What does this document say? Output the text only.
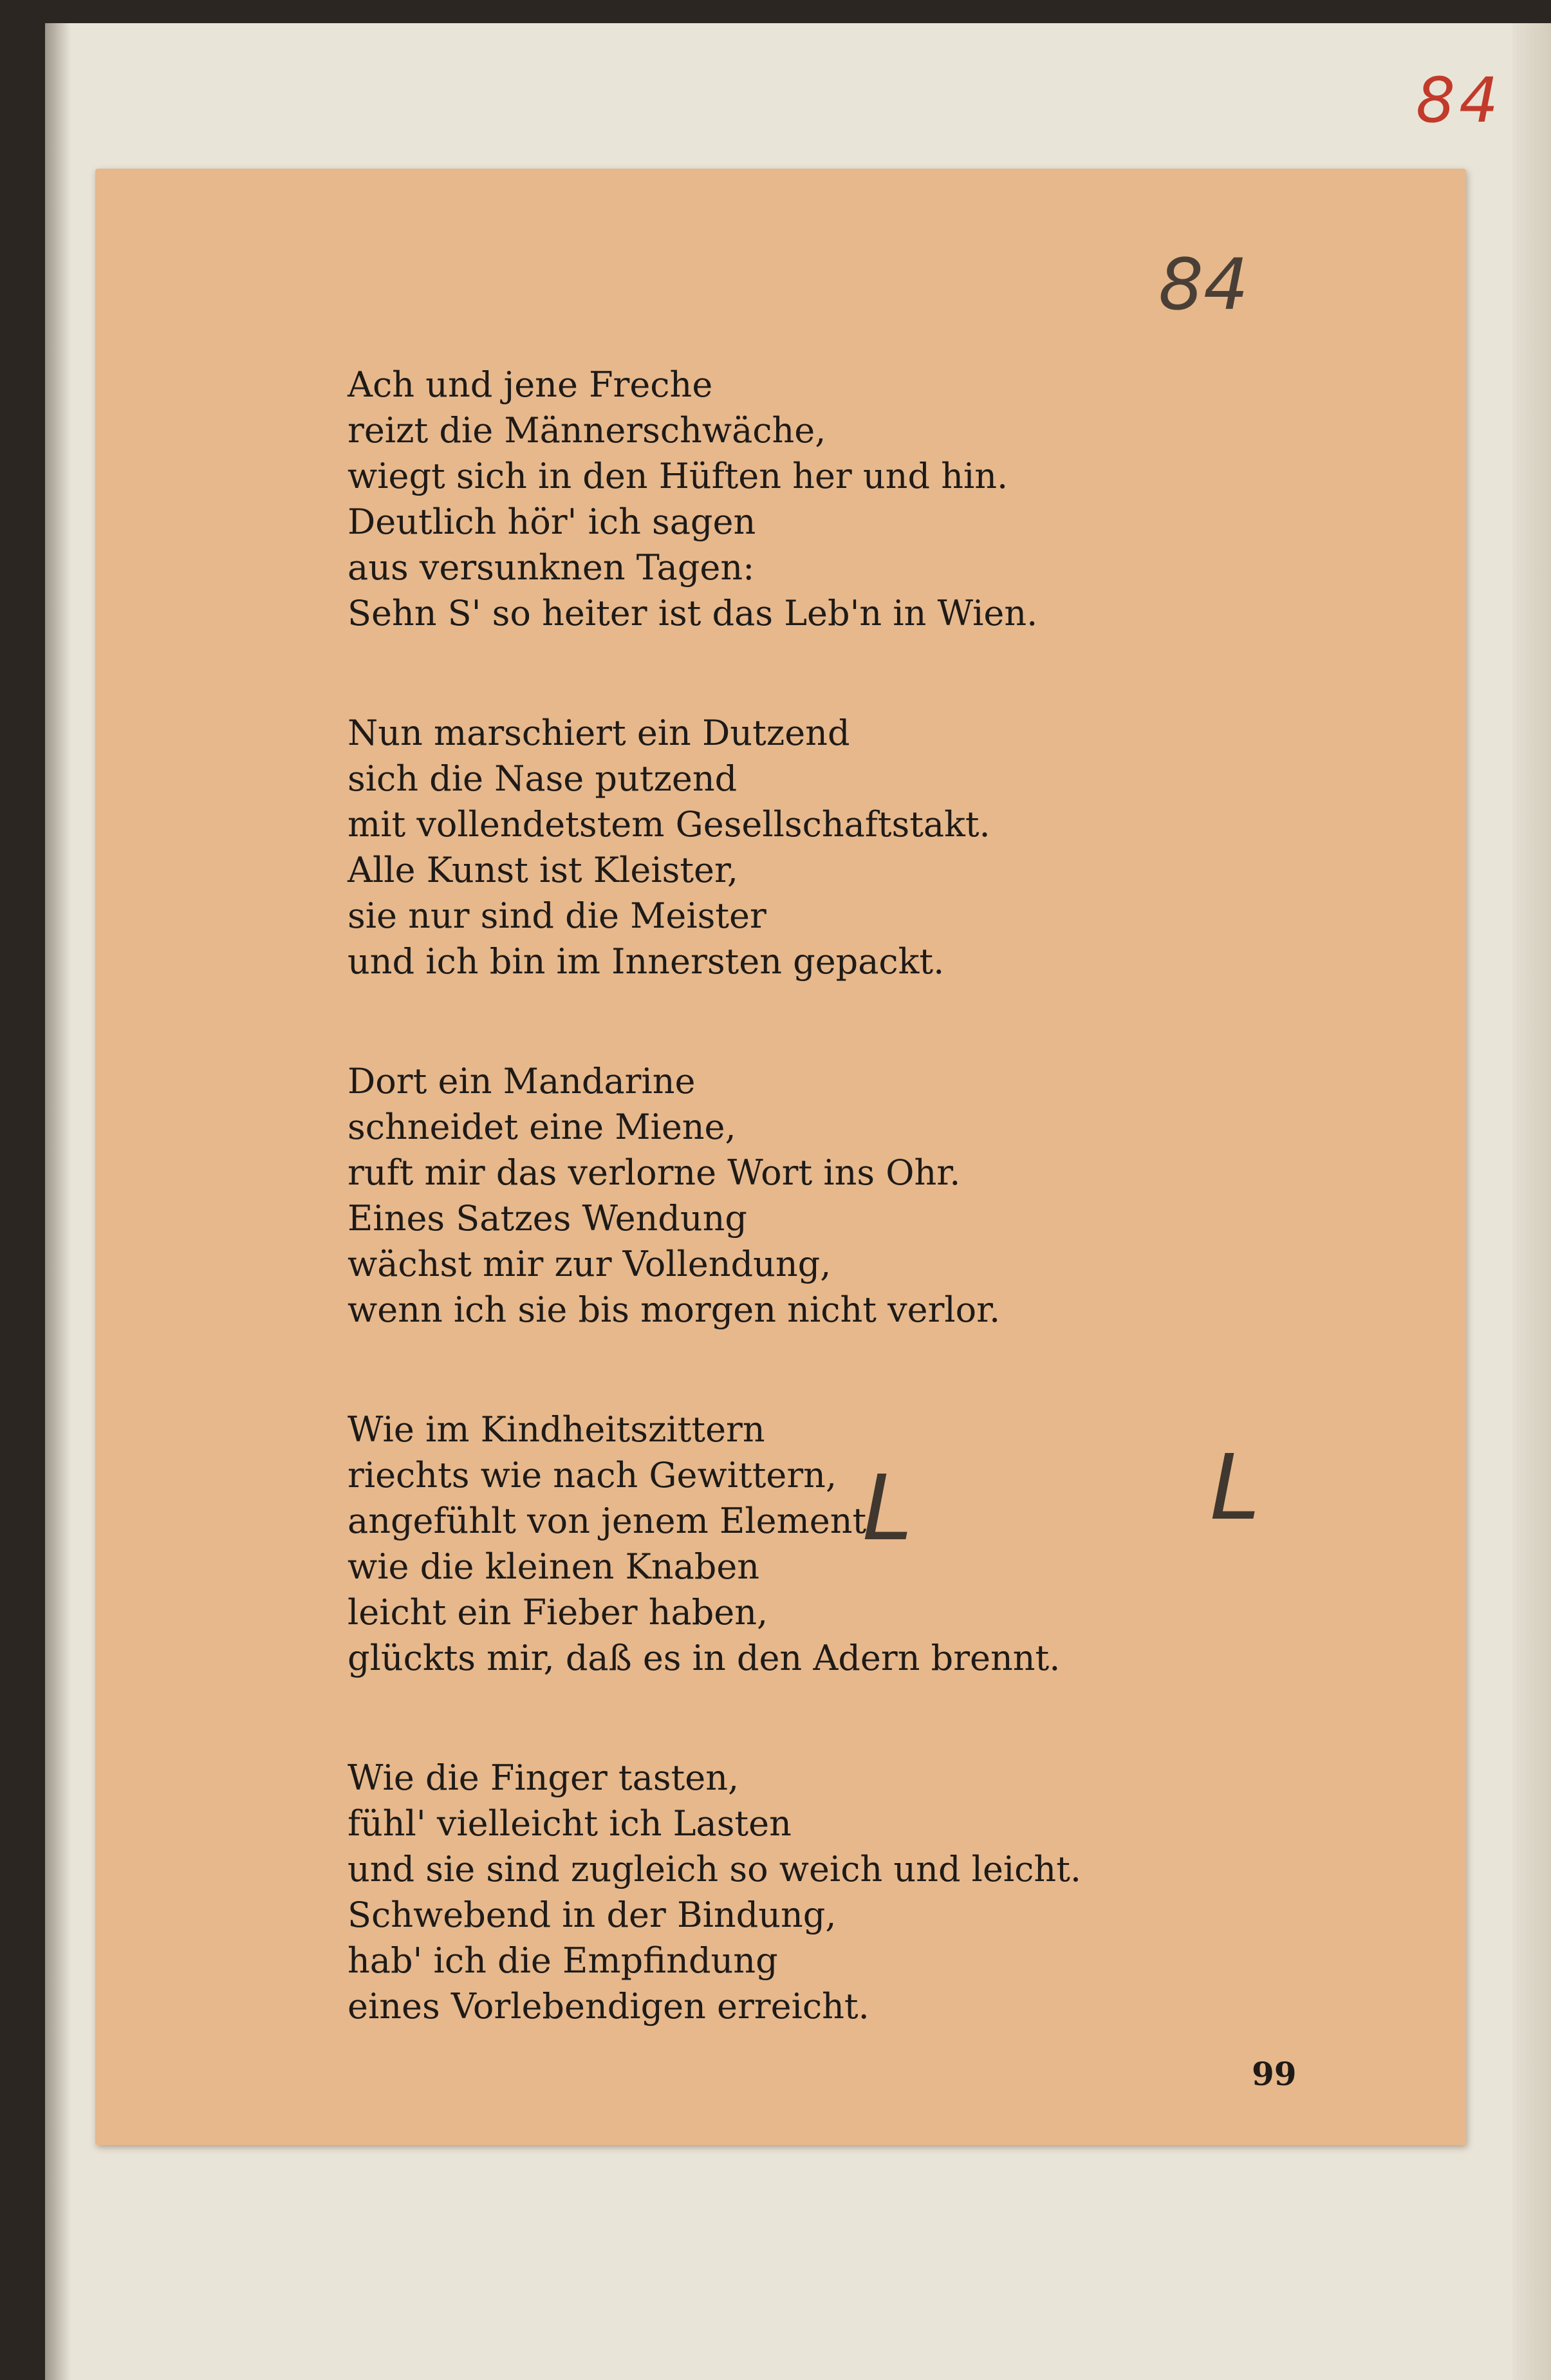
84
84
Ach und jene Freche
reizt die Männerschwäche,
wiegt sich in den Hüften her und hin.
Deutlich hör' ich sagen
aus versunknen Tagen:
Sehn S' so heiter ist das Leb'n in Wien.
Nun marschiert ein Dutzend
sich die Nase putzend
mit vollendetstem Gesellschaftstakt.
Alle Kunst ist Kleister,
sie nur sind die Meister
und ich bin im Innersten gepackt.
Dort ein Mandarine
schneidet eine Miene,
ruft mir das verlorne Wort ins Ohr.
Eines Satzes Wendung
wächst mir zur Vollendung,
wenn ich sie bis morgen nicht verlor.
Wie im Kindheitszittern
riechts wie nach Gewittern,
angefühlt von jenem Element,
wie die kleinen Knaben
leicht ein Fieber haben,
glückts mir, daß es in den Adern brennt.
Wie die Finger tasten,
fühl' vielleicht ich Lasten
und sie sind zugleich so weich und leicht.
Schwebend in der Bindung,
hab' ich die Empfindung
eines Vorlebendigen erreicht.
L	L
99
